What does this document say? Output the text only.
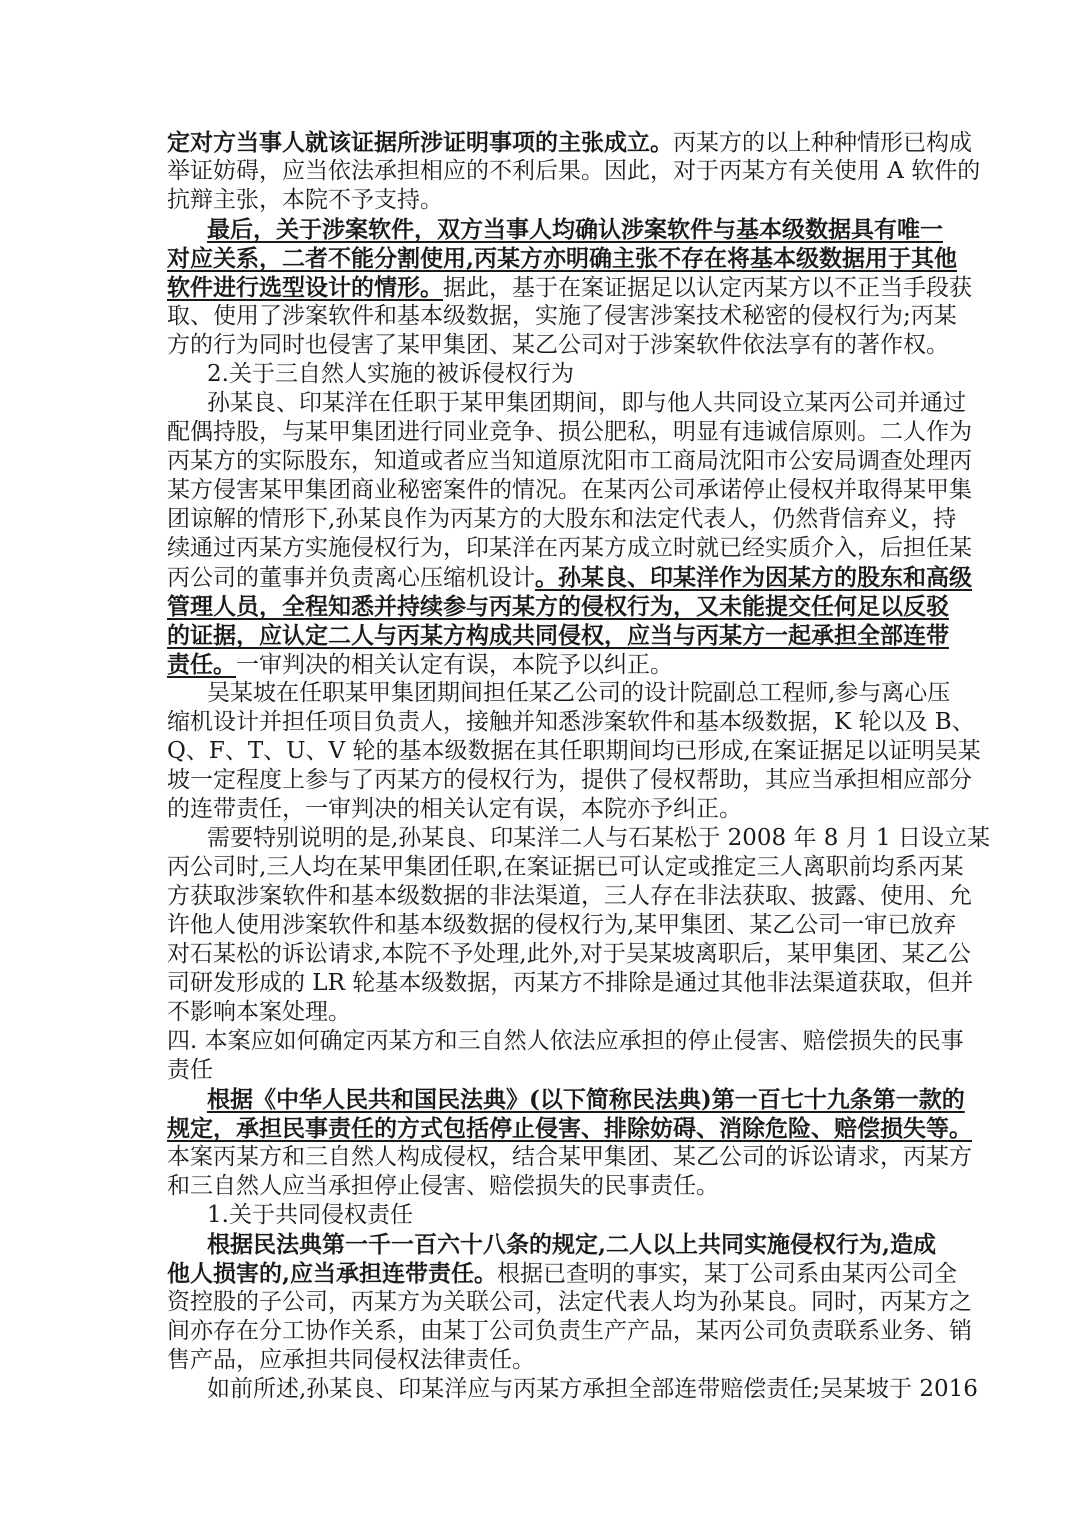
定对方当事人就该证据所涉证明事项的主张成立。丙某方的以上种种情形已构成
举证妨碍，应当依法承担相应的不利后果。因此，对于丙某方有关使用 A 软件的
抗辩主张，本院不予支持。
最后，关于涉案软件，双方当事人均确认涉案软件与基本级数据具有唯一
对应关系，二者不能分割使用,丙某方亦明确主张不存在将基本级数据用于其他
软件进行选型设计的情形。据此，基于在案证据足以认定丙某方以不正当手段获
取、使用了涉案软件和基本级数据，实施了侵害涉案技术秘密的侵权行为;丙某
方的行为同时也侵害了某甲集团、某乙公司对于涉案软件依法享有的著作权。
2.关于三自然人实施的被诉侵权行为
孙某良、印某洋在任职于某甲集团期间，即与他人共同设立某丙公司并通过
配偶持股，与某甲集团进行同业竞争、损公肥私，明显有违诚信原则。二人作为
丙某方的实际股东，知道或者应当知道原沈阳市工商局沈阳市公安局调查处理丙
某方侵害某甲集团商业秘密案件的情况。在某丙公司承诺停止侵权并取得某甲集
团谅解的情形下,孙某良作为丙某方的大股东和法定代表人，仍然背信弃义，持
续通过丙某方实施侵权行为，印某洋在丙某方成立时就已经实质介入，后担任某
丙公司的董事并负责离心压缩机设计。孙某良、印某洋作为因某方的股东和高级
管理人员，全程知悉并持续参与丙某方的侵权行为，又未能提交任何足以反驳
的证据，应认定二人与丙某方构成共同侵权，应当与丙某方一起承担全部连带
责任。一审判决的相关认定有误，本院予以纠正。
吴某坡在任职某甲集团期间担任某乙公司的设计院副总工程师,参与离心压
缩机设计并担任项目负责人，接触并知悉涉案软件和基本级数据，K 轮以及 B、
Q、F、T、U、V 轮的基本级数据在其任职期间均已形成,在案证据足以证明吴某
坡一定程度上参与了丙某方的侵权行为，提供了侵权帮助，其应当承担相应部分
的连带责任，一审判决的相关认定有误，本院亦予纠正。
需要特别说明的是,孙某良、印某洋二人与石某松于 2008 年 8 月 1 日设立某
丙公司时,三人均在某甲集团任职,在案证据已可认定或推定三人离职前均系丙某
方获取涉案软件和基本级数据的非法渠道，三人存在非法获取、披露、使用、允
许他人使用涉案软件和基本级数据的侵权行为,某甲集团、某乙公司一审已放弃
对石某松的诉讼请求,本院不予处理,此外,对于吴某坡离职后，某甲集团、某乙公
司研发形成的 LR 轮基本级数据，丙某方不排除是通过其他非法渠道获取，但并
不影响本案处理。
四. 本案应如何确定丙某方和三自然人依法应承担的停止侵害、赔偿损失的民事
责任
根据《中华人民共和国民法典》(以下简称民法典)第一百七十九条第一款的
规定，承担民事责任的方式包括停止侵害、排除妨碍、消除危险、赔偿损失等。
本案丙某方和三自然人构成侵权，结合某甲集团、某乙公司的诉讼请求，丙某方
和三自然人应当承担停止侵害、赔偿损失的民事责任。
1.关于共同侵权责任
根据民法典第一千一百六十八条的规定,二人以上共同实施侵权行为,造成
他人损害的,应当承担连带责任。根据已查明的事实，某丁公司系由某丙公司全
资控股的子公司，丙某方为关联公司，法定代表人均为孙某良。同时，丙某方之
间亦存在分工协作关系，由某丁公司负责生产产品，某丙公司负责联系业务、销
售产品，应承担共同侵权法律责任。
如前所述,孙某良、印某洋应与丙某方承担全部连带赔偿责任;吴某坡于 2016
